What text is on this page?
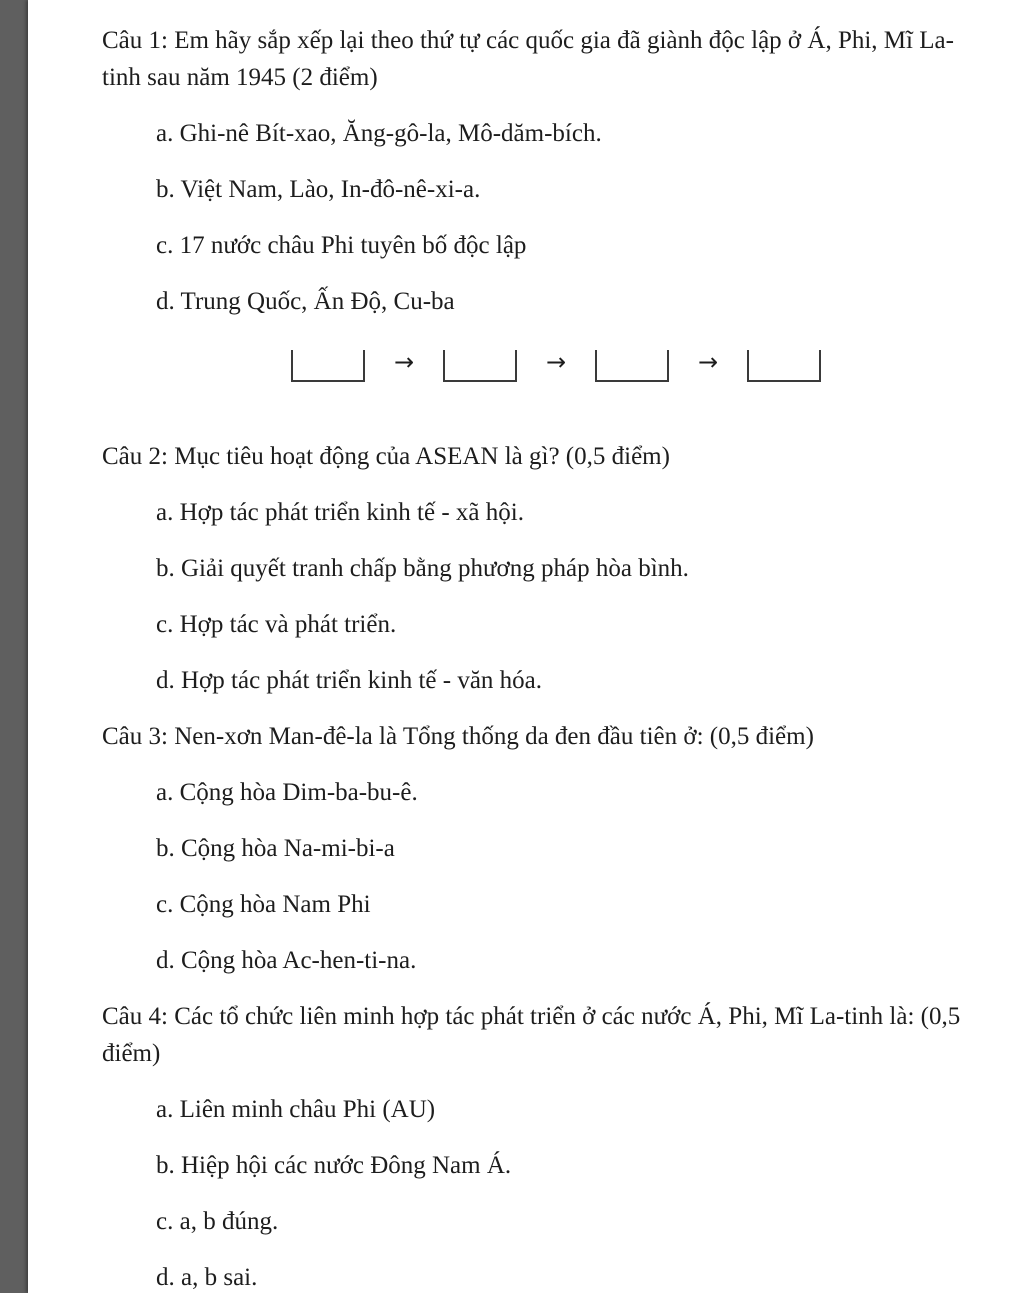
Câu 1: Em hãy sắp xếp lại theo thứ tự các quốc gia đã giành độc lập ở Á, Phi, Mĩ La-tinh sau năm 1945 (2 điểm)

a. Ghi-nê Bít-xao, Ăng-gô-la, Mô-dăm-bích.

b. Việt Nam, Lào, In-đô-nê-xi-a.

c. 17 nước châu Phi tuyên bố độc lập

d. Trung Quốc, Ấn Độ, Cu-ba

→	→	→

Câu 2: Mục tiêu hoạt động của ASEAN là gì? (0,5 điểm)

a. Hợp tác phát triển kinh tế - xã hội.

b. Giải quyết tranh chấp bằng phương pháp hòa bình.

c. Hợp tác và phát triển.

d. Hợp tác phát triển kinh tế - văn hóa.

Câu 3: Nen-xơn Man-đê-la là Tổng thống da đen đầu tiên ở: (0,5 điểm)

a. Cộng hòa Dim-ba-bu-ê.

b. Cộng hòa Na-mi-bi-a

c. Cộng hòa Nam Phi

d. Cộng hòa Ac-hen-ti-na.

Câu 4: Các tổ chức liên minh hợp tác phát triển ở các nước Á, Phi, Mĩ La-tinh là: (0,5 điểm)

a. Liên minh châu Phi (AU)

b. Hiệp hội các nước Đông Nam Á.

c. a, b đúng.

d. a, b sai.
